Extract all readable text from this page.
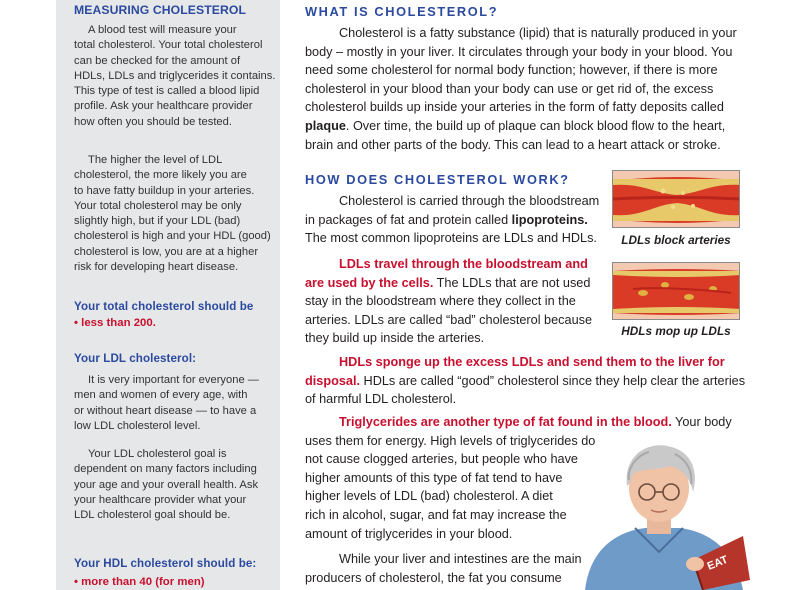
MEASURING CHOLESTEROL
A blood test will measure your
total cholesterol. Your total cholesterol
can be checked for the amount of
HDLs, LDLs and triglycerides it contains.
This type of test is called a blood lipid
profile. Ask your healthcare provider
how often you should be tested.
The higher the level of LDL
cholesterol, the more likely you are
to have fatty buildup in your arteries.
Your total cholesterol may be only
slightly high, but if your LDL (bad)
cholesterol is high and your HDL (good)
cholesterol is low, you are at a higher
risk for developing heart disease.
Your total cholesterol should be
• less than 200.
Your LDL cholesterol:
It is very important for everyone —
men and women of every age, with
or without heart disease — to have a
low LDL cholesterol level.
Your LDL cholesterol goal is
dependent on many factors including
your age and your overall health. Ask
your healthcare provider what your
LDL cholesterol goal should be.
Your HDL cholesterol should be:
• more than 40 (for men)
WHAT IS CHOLESTEROL?
Cholesterol is a fatty substance (lipid) that is naturally produced in your
body – mostly in your liver. It circulates through your body in your blood. You
need some cholesterol for normal body function; however, if there is more
cholesterol in your blood than your body can use or get rid of, the excess
cholesterol builds up inside your arteries in the form of fatty deposits called
plaque. Over time, the build up of plaque can block blood flow to the heart,
brain and other parts of the body. This can lead to a heart attack or stroke.
HOW DOES CHOLESTEROL WORK?
Cholesterol is carried through the bloodstream
in packages of fat and protein called lipoproteins.
The most common lipoproteins are LDLs and HDLs.
LDLs travel through the bloodstream and
are used by the cells. The LDLs that are not used
stay in the bloodstream where they collect in the
arteries. LDLs are called “bad” cholesterol because
they build up inside the arteries.
HDLs sponge up the excess LDLs and send them to the liver for
disposal. HDLs are called “good” cholesterol since they help clear the arteries
of harmful LDL cholesterol.
Triglycerides are another type of fat found in the blood. Your body
uses them for energy. High levels of triglycerides do
not cause clogged arteries, but people who have
higher amounts of this type of fat tend to have
higher levels of LDL (bad) cholesterol. A diet
rich in alcohol, sugar, and fat may increase the
amount of triglycerides in your blood.
While your liver and intestines are the main
producers of cholesterol, the fat you consume
LDLs block arteries
HDLs mop up LDLs
EAT
